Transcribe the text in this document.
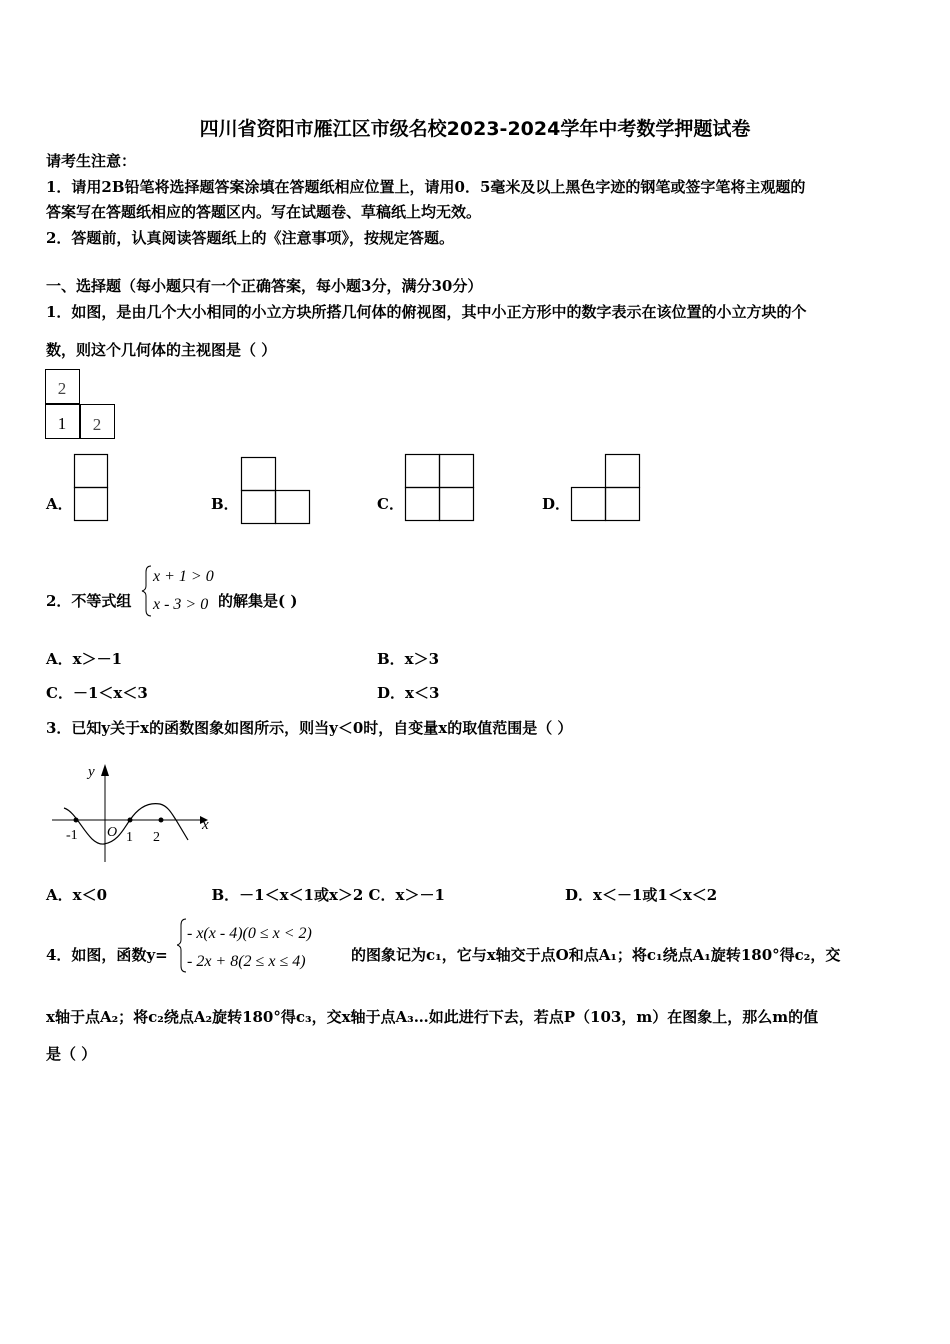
四川省资阳市雁江区市级名校2023-2024学年中考数学押题试卷
请考生注意：
1．请用2B铅笔将选择题答案涂填在答题纸相应位置上，请用0．5毫米及以上黑色字迹的钢笔或签字笔将主观题的
答案写在答题纸相应的答题区内。写在试题卷、草稿纸上均无效。
2．答题前，认真阅读答题纸上的《注意事项》，按规定答题。
一、选择题（每小题只有一个正确答案，每小题3分，满分30分）
1．如图，是由几个大小相同的小立方块所搭几何体的俯视图，其中小正方形中的数字表示在该位置的小立方块的个
数，则这个几何体的主视图是（ ）
2
1 2
A．	B．	C．	D．
2．不等式组
x + 1 > 0
x - 3 > 0 的解集是( )
A．x＞－1	B．x＞3
C．－1＜x＜3	D．x＜3
3．已知y关于x的函数图象如图所示，则当y＜0时，自变量x的取值范围是（ ）
y
x
-1 O 1 2
A．x＜0                    B．－1＜x＜1或x＞2 C．x＞－1                       D．x＜－1或1＜x＜2
4．如图，函数y=
- x(x - 4)(0 ≤ x < 2)
- 2x + 8(2 ≤ x ≤ 4)	的图象记为c₁，它与x轴交于点O和点A₁；将c₁绕点A₁旋转180°得c₂，交
x轴于点A₂；将c₂绕点A₂旋转180°得c₃，交x轴于点A₃…如此进行下去，若点P（103，m）在图象上，那么m的值
是（ ）
